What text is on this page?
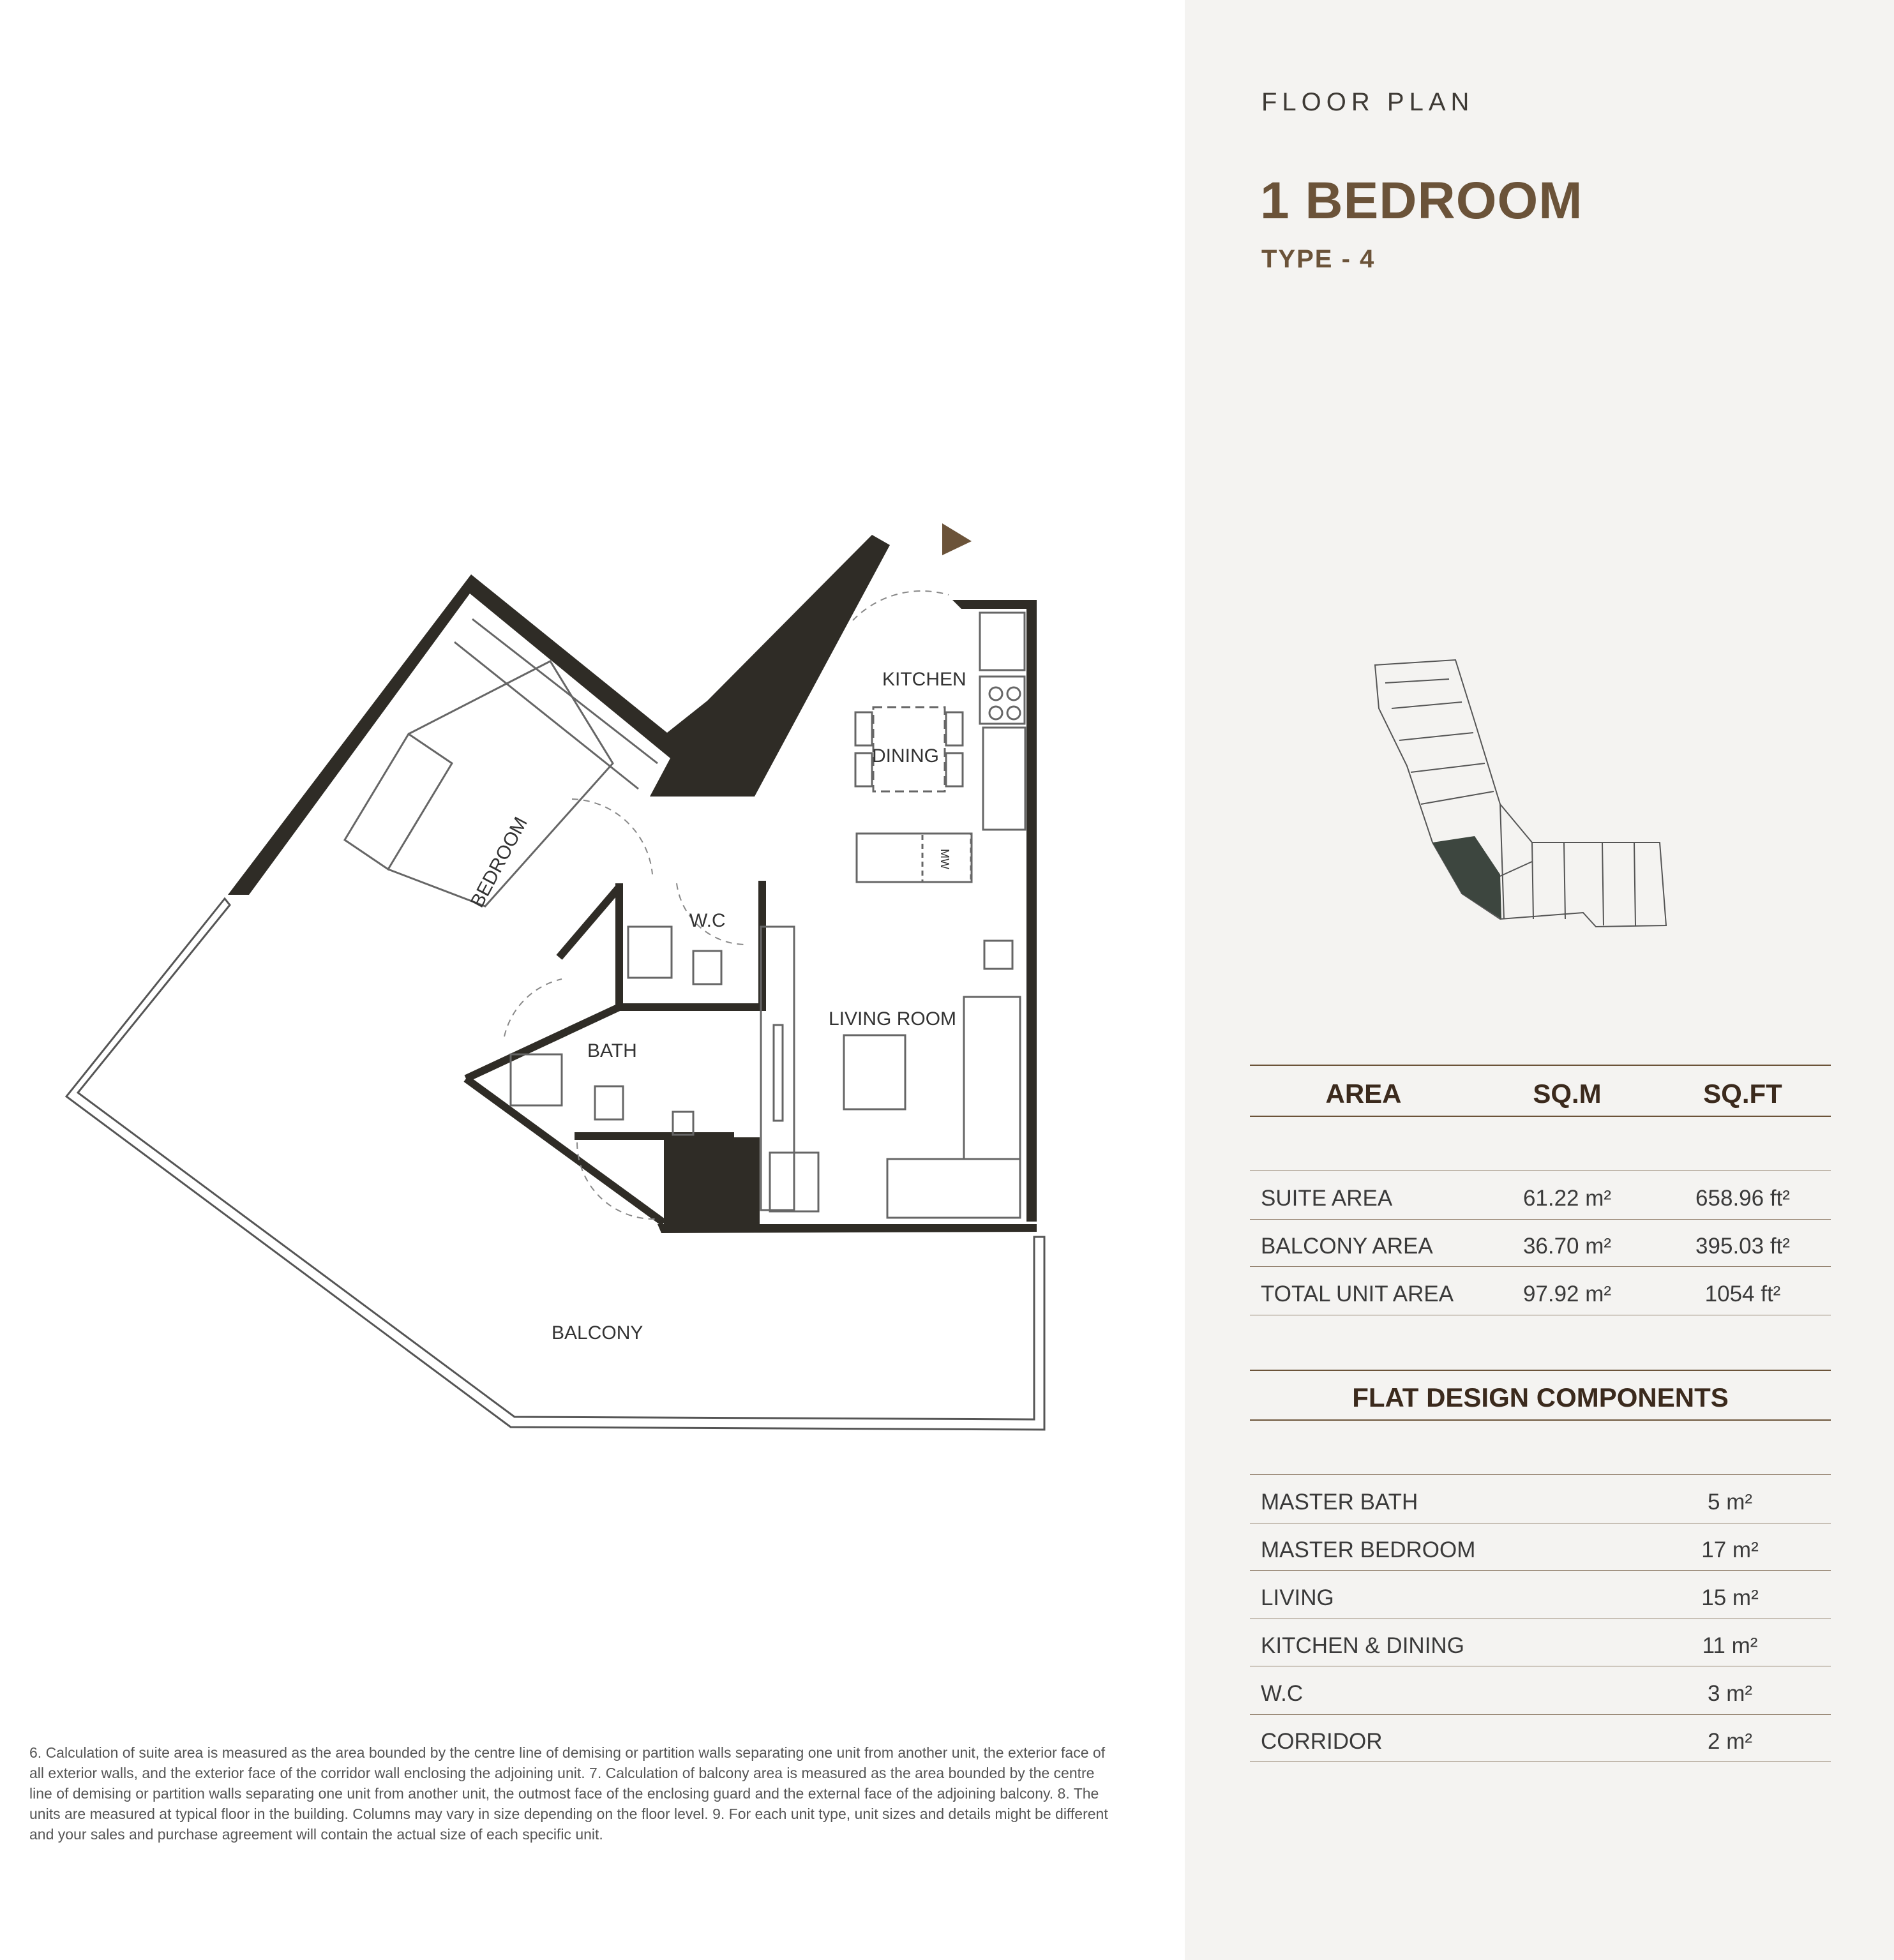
KITCHEN
DINING
BEDROOM
W.C
BATH
LIVING ROOM
BALCONY
MW
6. Calculation of suite area is measured as the area bounded by the centre line of demising or partition walls separating one unit from another unit, the exterior face of all exterior walls, and the exterior face of the corridor wall enclosing the adjoining unit. 7. Calculation of balcony area is measured as the area bounded by the centre line of demising or partition walls separating one unit from another unit, the outmost face of the enclosing guard and the external face of the adjoining balcony. 8. The units are measured at typical floor in the building. Columns may vary in size depending on the floor level. 9. For each unit type, unit sizes and details might be different and your sales and purchase agreement will contain the actual size of each specific unit.
FLOOR PLAN
1 BEDROOM
TYPE - 4
AREA	SQ.M	SQ.FT
SUITE AREA	61.22 m²	658.96 ft²
BALCONY AREA	36.70 m²	395.03 ft²
TOTAL UNIT AREA	97.92 m²	1054 ft²
FLAT DESIGN COMPONENTS
MASTER BATH	5 m²
MASTER BEDROOM	17 m²
LIVING	15 m²
KITCHEN & DINING	11 m²
W.C	3 m²
CORRIDOR	2 m²
